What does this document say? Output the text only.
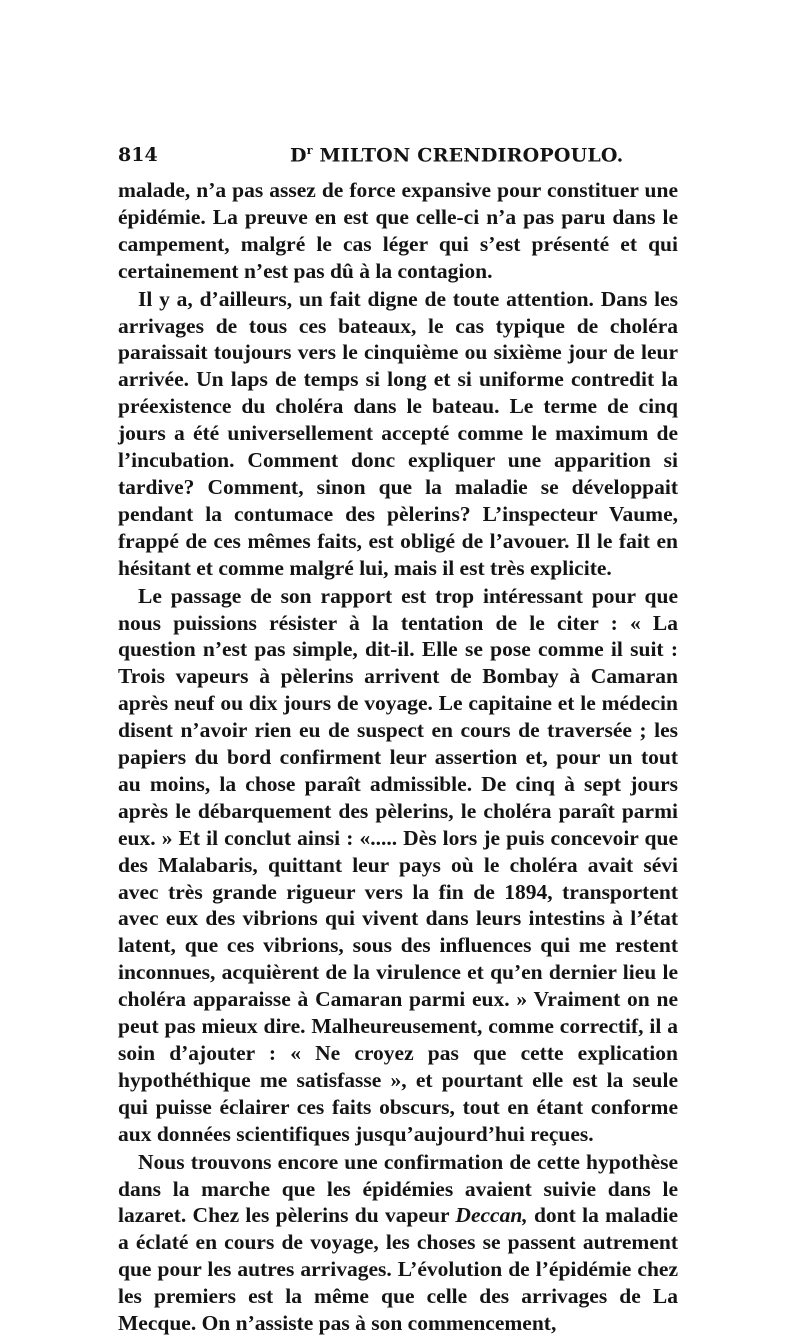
814	$D^r$ MILTON CRENDIROPOULO.

malade, n’a pas assez de force expansive pour constituer une épidémie. La preuve en est que celle-ci n’a pas paru dans le campement, malgré le cas léger qui s’est présenté et qui certainement n’est pas dû à la contagion.

Il y a, d’ailleurs, un fait digne de toute attention. Dans les arrivages de tous ces bateaux, le cas typique de choléra paraissait toujours vers le cinquième ou sixième jour de leur arrivée. Un laps de temps si long et si uniforme contredit la préexistence du choléra dans le bateau. Le terme de cinq jours a été universellement accepté comme le maximum de l’incubation. Comment donc expliquer une apparition si tardive? Comment, sinon que la maladie se développait pendant la contumace des pèlerins? L’inspecteur Vaume, frappé de ces mêmes faits, est obligé de l’avouer. Il le fait en hésitant et comme malgré lui, mais il est très explicite.

Le passage de son rapport est trop intéressant pour que nous puissions résister à la tentation de le citer : « La question n’est pas simple, dit-il. Elle se pose comme il suit : Trois vapeurs à pèlerins arrivent de Bombay à Camaran après neuf ou dix jours de voyage. Le capitaine et le médecin disent n’avoir rien eu de suspect en cours de traversée ; les papiers du bord confirment leur assertion et, pour un tout au moins, la chose paraît admissible. De cinq à sept jours après le débarquement des pèlerins, le choléra paraît parmi eux. » Et il conclut ainsi : «..... Dès lors je puis concevoir que des Malabaris, quittant leur pays où le choléra avait sévi avec très grande rigueur vers la fin de 1894, transportent avec eux des vibrions qui vivent dans leurs intestins à l’état latent, que ces vibrions, sous des influences qui me restent inconnues, acquièrent de la virulence et qu’en dernier lieu le choléra apparaisse à Camaran parmi eux. » Vraiment on ne peut pas mieux dire. Malheureusement, comme correctif, il a soin d’ajouter : « Ne croyez pas que cette explication hypothéthique me satisfasse », et pourtant elle est la seule qui puisse éclairer ces faits obscurs, tout en étant conforme aux données scientifiques jusqu’aujourd’hui reçues.

Nous trouvons encore une confirmation de cette hypothèse dans la marche que les épidémies avaient suivie dans le lazaret. Chez les pèlerins du vapeur Deccan, dont la maladie a éclaté en cours de voyage, les choses se passent autrement que pour les autres arrivages. L’évolution de l’épidémie chez les premiers est la même que celle des arrivages de La Mecque. On n’assiste pas à son commencement,
